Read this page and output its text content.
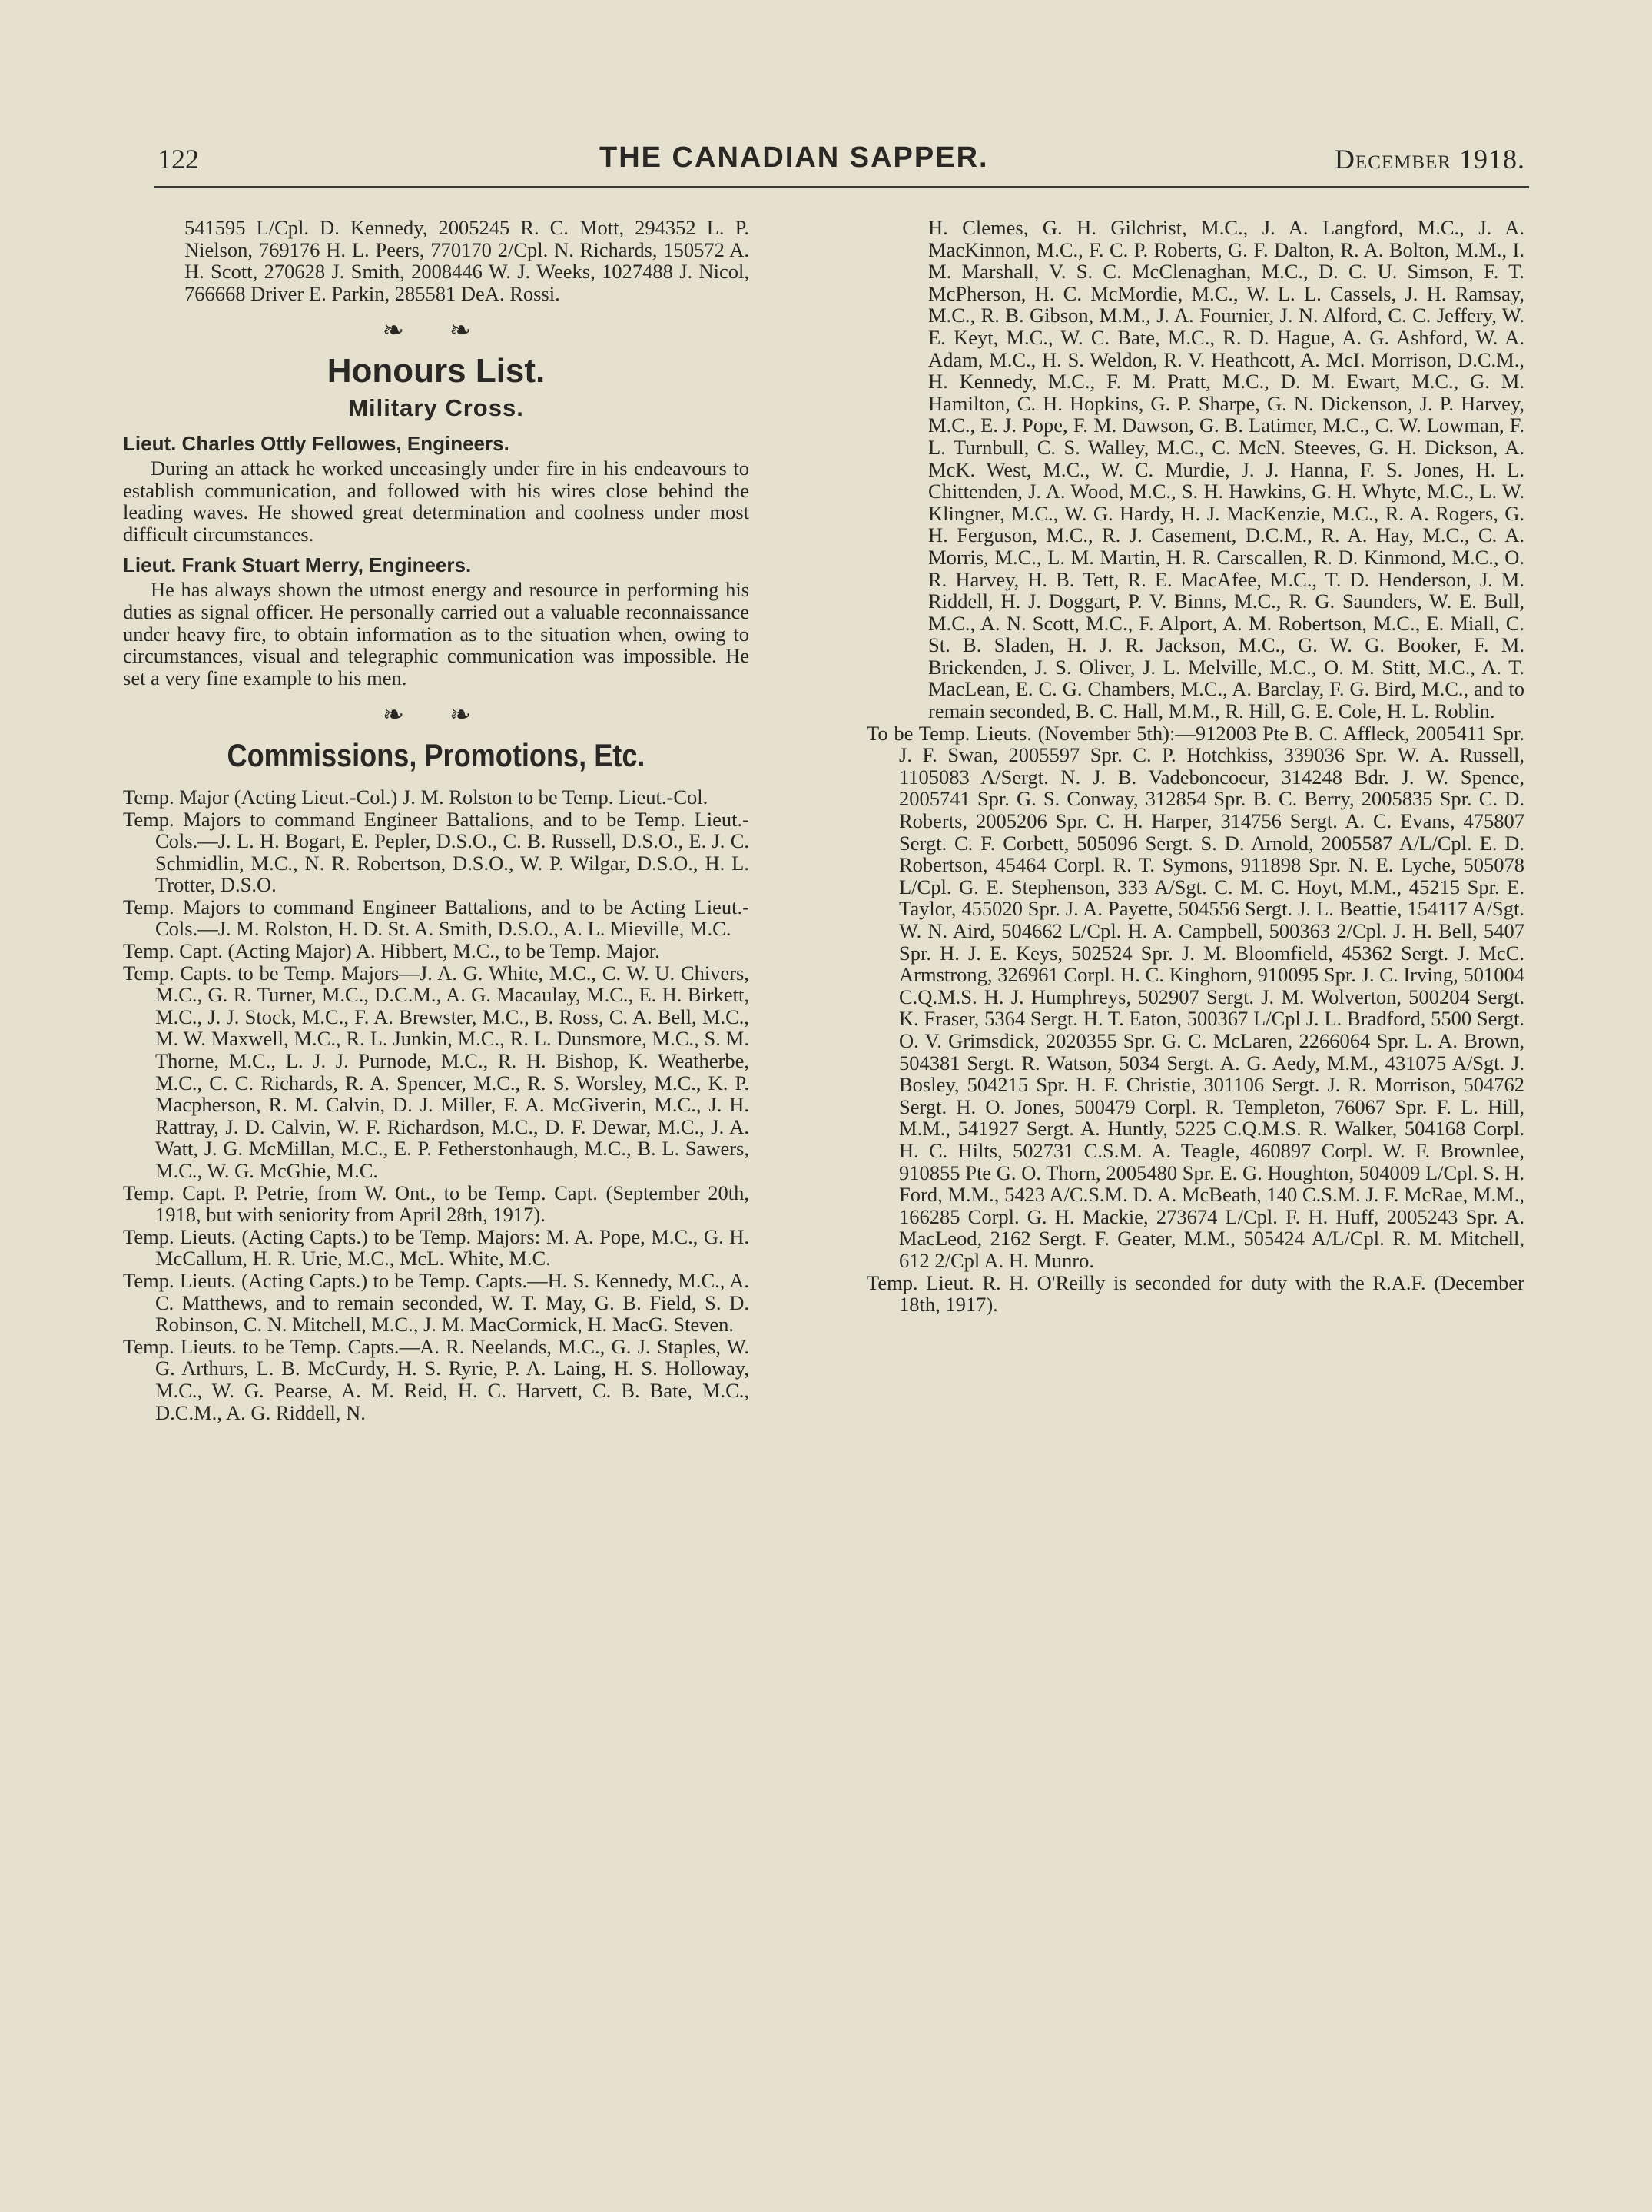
122	THE CANADIAN SAPPER.	December 1918.

541595 L/Cpl. D. Kennedy, 2005245 R. C. Mott, 294352 L. P. Nielson, 769176 H. L. Peers, 770170 2/Cpl. N. Richards, 150572 A. H. Scott, 270628 J. Smith, 2008446 W. J. Weeks, 1027488 J. Nicol, 766668 Driver E. Parkin, 285581 DeA. Rossi.

❧ ❧
Honours List.
Military Cross.
Lieut. Charles Ottly Fellowes, Engineers.

During an attack he worked unceasingly under fire in his endeavours to establish communication, and followed with his wires close behind the leading waves. He showed great determination and coolness under most difficult circumstances.

Lieut. Frank Stuart Merry, Engineers.

He has always shown the utmost energy and resource in performing his duties as signal officer. He personally carried out a valuable reconnaissance under heavy fire, to obtain information as to the situation when, owing to circumstances, visual and telegraphic communication was impossible. He set a very fine example to his men.

❧ ❧
Commissions, Promotions, Etc.

Temp. Major (Acting Lieut.-Col.) J. M. Rolston to be Temp. Lieut.-Col.

Temp. Majors to command Engineer Battalions, and to be Temp. Lieut.-Cols.—J. L. H. Bogart, E. Pepler, D.S.O., C. B. Russell, D.S.O., E. J. C. Schmidlin, M.C., N. R. Robertson, D.S.O., W. P. Wilgar, D.S.O., H. L. Trotter, D.S.O.

Temp. Majors to command Engineer Battalions, and to be Acting Lieut.-Cols.—J. M. Rolston, H. D. St. A. Smith, D.S.O., A. L. Mieville, M.C.

Temp. Capt. (Acting Major) A. Hibbert, M.C., to be Temp. Major.

Temp. Capts. to be Temp. Majors—J. A. G. White, M.C., C. W. U. Chivers, M.C., G. R. Turner, M.C., D.C.M., A. G. Macaulay, M.C., E. H. Birkett, M.C., J. J. Stock, M.C., F. A. Brewster, M.C., B. Ross, C. A. Bell, M.C., M. W. Maxwell, M.C., R. L. Junkin, M.C., R. L. Dunsmore, M.C., S. M. Thorne, M.C., L. J. J. Purnode, M.C., R. H. Bishop, K. Weatherbe, M.C., C. C. Richards, R. A. Spencer, M.C., R. S. Worsley, M.C., K. P. Macpherson, R. M. Calvin, D. J. Miller, F. A. McGiverin, M.C., J. H. Rattray, J. D. Calvin, W. F. Richardson, M.C., D. F. Dewar, M.C., J. A. Watt, J. G. McMillan, M.C., E. P. Fetherstonhaugh, M.C., B. L. Sawers, M.C., W. G. McGhie, M.C.

Temp. Capt. P. Petrie, from W. Ont., to be Temp. Capt. (September 20th, 1918, but with seniority from April 28th, 1917).

Temp. Lieuts. (Acting Capts.) to be Temp. Majors: M. A. Pope, M.C., G. H. McCallum, H. R. Urie, M.C., McL. White, M.C.

Temp. Lieuts. (Acting Capts.) to be Temp. Capts.—H. S. Kennedy, M.C., A. C. Matthews, and to remain seconded, W. T. May, G. B. Field, S. D. Robinson, C. N. Mitchell, M.C., J. M. MacCormick, H. MacG. Steven.

Temp. Lieuts. to be Temp. Capts.—A. R. Neelands, M.C., G. J. Staples, W. G. Arthurs, L. B. McCurdy, H. S. Ryrie, P. A. Laing, H. S. Holloway, M.C., W. G. Pearse, A. M. Reid, H. C. Harvett, C. B. Bate, M.C., D.C.M., A. G. Riddell, N.

H. Clemes, G. H. Gilchrist, M.C., J. A. Langford, M.C., J. A. MacKinnon, M.C., F. C. P. Roberts, G. F. Dalton, R. A. Bolton, M.M., I. M. Marshall, V. S. C. McClenaghan, M.C., D. C. U. Simson, F. T. McPherson, H. C. McMordie, M.C., W. L. L. Cassels, J. H. Ramsay, M.C., R. B. Gibson, M.M., J. A. Fournier, J. N. Alford, C. C. Jeffery, W. E. Keyt, M.C., W. C. Bate, M.C., R. D. Hague, A. G. Ashford, W. A. Adam, M.C., H. S. Weldon, R. V. Heathcott, A. McI. Morrison, D.C.M., H. Kennedy, M.C., F. M. Pratt, M.C., D. M. Ewart, M.C., G. M. Hamilton, C. H. Hopkins, G. P. Sharpe, G. N. Dickenson, J. P. Harvey, M.C., E. J. Pope, F. M. Dawson, G. B. Latimer, M.C., C. W. Lowman, F. L. Turnbull, C. S. Walley, M.C., C. McN. Steeves, G. H. Dickson, A. McK. West, M.C., W. C. Murdie, J. J. Hanna, F. S. Jones, H. L. Chittenden, J. A. Wood, M.C., S. H. Hawkins, G. H. Whyte, M.C., L. W. Klingner, M.C., W. G. Hardy, H. J. MacKenzie, M.C., R. A. Rogers, G. H. Ferguson, M.C., R. J. Casement, D.C.M., R. A. Hay, M.C., C. A. Morris, M.C., L. M. Martin, H. R. Carscallen, R. D. Kinmond, M.C., O. R. Harvey, H. B. Tett, R. E. MacAfee, M.C., T. D. Henderson, J. M. Riddell, H. J. Doggart, P. V. Binns, M.C., R. G. Saunders, W. E. Bull, M.C., A. N. Scott, M.C., F. Alport, A. M. Robertson, M.C., E. Miall, C. St. B. Sladen, H. J. R. Jackson, M.C., G. W. G. Booker, F. M. Brickenden, J. S. Oliver, J. L. Melville, M.C., O. M. Stitt, M.C., A. T. MacLean, E. C. G. Chambers, M.C., A. Barclay, F. G. Bird, M.C., and to remain seconded, B. C. Hall, M.M., R. Hill, G. E. Cole, H. L. Roblin.

To be Temp. Lieuts. (November 5th):—912003 Pte B. C. Affleck, 2005411 Spr. J. F. Swan, 2005597 Spr. C. P. Hotchkiss, 339036 Spr. W. A. Russell, 1105083 A/Sergt. N. J. B. Vadeboncoeur, 314248 Bdr. J. W. Spence, 2005741 Spr. G. S. Conway, 312854 Spr. B. C. Berry, 2005835 Spr. C. D. Roberts, 2005206 Spr. C. H. Harper, 314756 Sergt. A. C. Evans, 475807 Sergt. C. F. Corbett, 505096 Sergt. S. D. Arnold, 2005587 A/L/Cpl. E. D. Robertson, 45464 Corpl. R. T. Symons, 911898 Spr. N. E. Lyche, 505078 L/Cpl. G. E. Stephenson, 333 A/Sgt. C. M. C. Hoyt, M.M., 45215 Spr. E. Taylor, 455020 Spr. J. A. Payette, 504556 Sergt. J. L. Beattie, 154117 A/Sgt. W. N. Aird, 504662 L/Cpl. H. A. Campbell, 500363 2/Cpl. J. H. Bell, 5407 Spr. H. J. E. Keys, 502524 Spr. J. M. Bloomfield, 45362 Sergt. J. McC. Armstrong, 326961 Corpl. H. C. Kinghorn, 910095 Spr. J. C. Irving, 501004 C.Q.M.S. H. J. Humphreys, 502907 Sergt. J. M. Wolverton, 500204 Sergt. K. Fraser, 5364 Sergt. H. T. Eaton, 500367 L/Cpl J. L. Bradford, 5500 Sergt. O. V. Grimsdick, 2020355 Spr. G. C. McLaren, 2266064 Spr. L. A. Brown, 504381 Sergt. R. Watson, 5034 Sergt. A. G. Aedy, M.M., 431075 A/Sgt. J. Bosley, 504215 Spr. H. F. Christie, 301106 Sergt. J. R. Morrison, 504762 Sergt. H. O. Jones, 500479 Corpl. R. Templeton, 76067 Spr. F. L. Hill, M.M., 541927 Sergt. A. Huntly, 5225 C.Q.M.S. R. Walker, 504168 Corpl. H. C. Hilts, 502731 C.S.M. A. Teagle, 460897 Corpl. W. F. Brownlee, 910855 Pte G. O. Thorn, 2005480 Spr. E. G. Houghton, 504009 L/Cpl. S. H. Ford, M.M., 5423 A/C.S.M. D. A. McBeath, 140 C.S.M. J. F. McRae, M.M., 166285 Corpl. G. H. Mackie, 273674 L/Cpl. F. H. Huff, 2005243 Spr. A. MacLeod, 2162 Sergt. F. Geater, M.M., 505424 A/L/Cpl. R. M. Mitchell, 612 2/Cpl A. H. Munro.

Temp. Lieut. R. H. O'Reilly is seconded for duty with the R.A.F. (December 18th, 1917).
